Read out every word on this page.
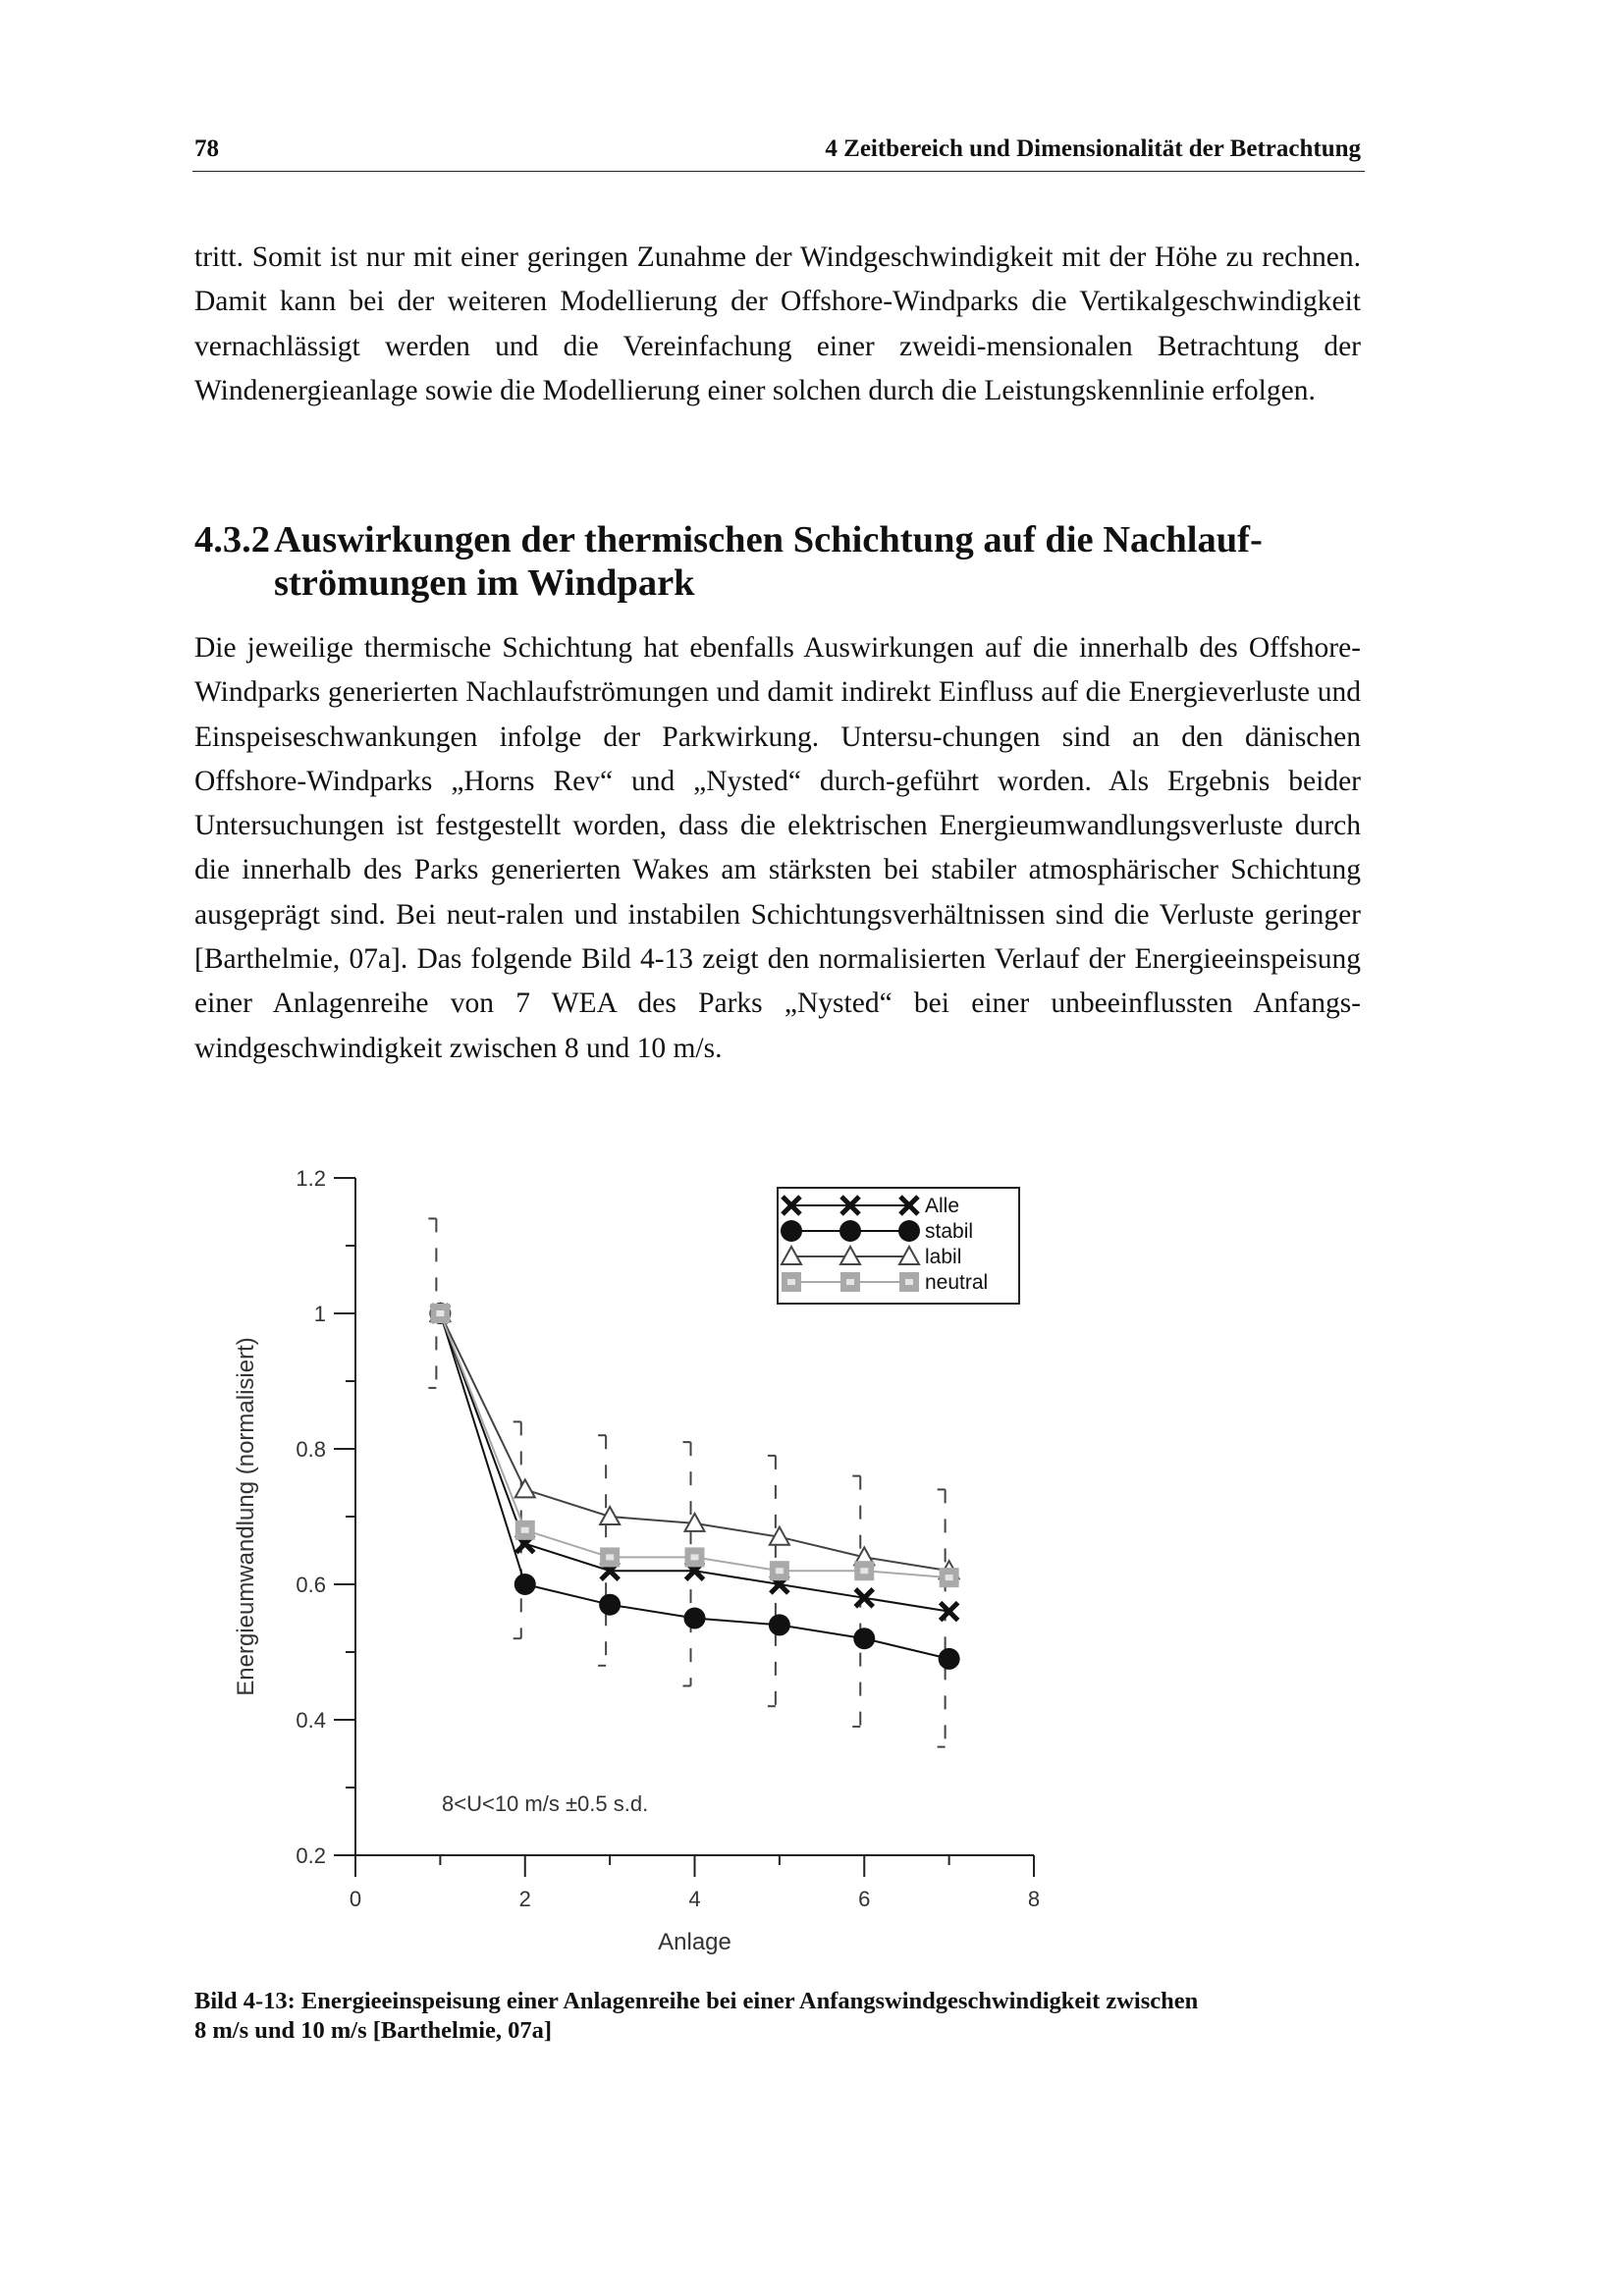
78	4 Zeitbereich und Dimensionalität der Betrachtung

tritt. Somit ist nur mit einer geringen Zunahme der Windgeschwindigkeit mit der Höhe zu rechnen. Damit kann bei der weiteren Modellierung der Offshore-Windparks die Vertikalgeschwindigkeit vernachlässigt werden und die Vereinfachung einer zweidi-mensionalen Betrachtung der Windenergieanlage sowie die Modellierung einer solchen durch die Leistungskennlinie erfolgen.

4.3.2 Auswirkungen der thermischen Schichtung auf die Nachlauf-
strömungen im Windpark

Die jeweilige thermische Schichtung hat ebenfalls Auswirkungen auf die innerhalb des Offshore-Windparks generierten Nachlaufströmungen und damit indirekt Einfluss auf die Energieverluste und Einspeiseschwankungen infolge der Parkwirkung. Untersu-chungen sind an den dänischen Offshore-Windparks „Horns Rev“ und „Nysted“ durch-geführt worden. Als Ergebnis beider Untersuchungen ist festgestellt worden, dass die elektrischen Energieumwandlungsverluste durch die innerhalb des Parks generierten Wakes am stärksten bei stabiler atmosphärischer Schichtung ausgeprägt sind. Bei neut-ralen und instabilen Schichtungsverhältnissen sind die Verluste geringer [Barthelmie, 07a]. Das folgende Bild 4-13 zeigt den normalisierten Verlauf der Energieeinspeisung einer Anlagenreihe von 7 WEA des Parks „Nysted“ bei einer unbeeinflussten Anfangs-windgeschwindigkeit zwischen 8 und 10 m/s.

0.2
0.4
0.6
0.8
1
1.2
0	2	4	6	8
Anlage
Energieumwandlung (normalisiert)
8<U<10 m/s ±0.5 s.d.
Alle
stabil
labil
neutral
Bild 4-13: Energieeinspeisung einer Anlagenreihe bei einer Anfangswindgeschwindigkeit zwischen
8 m/s und 10 m/s [Barthelmie, 07a]
